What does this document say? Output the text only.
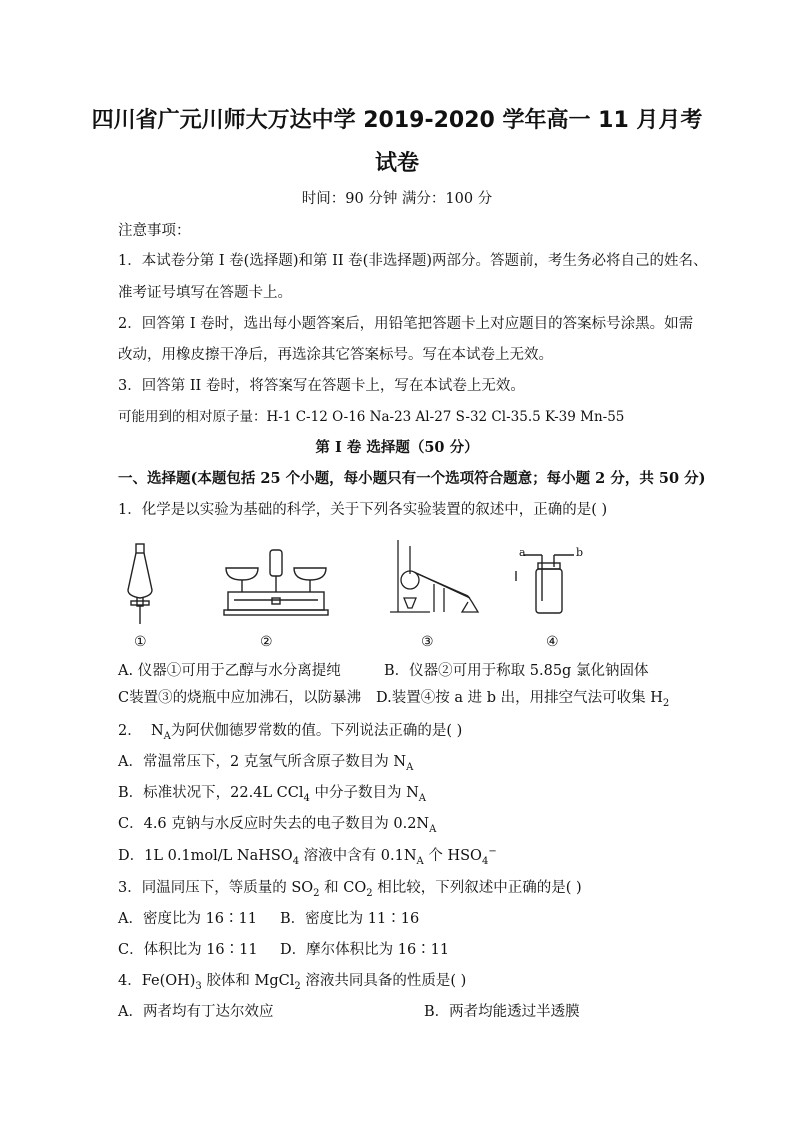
四川省广元川师大万达中学 2019-2020 学年高一 11 月月考
试卷
时间：90 分钟 满分：100 分
注意事项：
1．本试卷分第 I 卷(选择题)和第 II 卷(非选择题)两部分。答题前，考生务必将自己的姓名、
准考证号填写在答题卡上。
2．回答第 I 卷时，选出每小题答案后，用铅笔把答题卡上对应题目的答案标号涂黑。如需
改动，用橡皮擦干净后，再选涂其它答案标号。写在本试卷上无效。
3．回答第 II 卷时，将答案写在答题卡上，写在本试卷上无效。
可能用到的相对原子量：H-1 C-12 O-16 Na-23 Al-27 S-32 Cl-35.5 K-39 Mn-55
第 I 卷 选择题（50 分）
一、选择题(本题包括 25 个小题，每小题只有一个选项符合题意；每小题 2 分，共 50 分)
1．化学是以实验为基础的科学，关于下列各实验装置的叙述中，正确的是( )
a	b
①	②	③	④
A. 仪器①可用于乙醇与水分离提纯	B．仪器②可用于称取 5.85g 氯化钠固体
C装置③的烧瓶中应加沸石，以防暴沸 D.装置④按 a 进 b 出，用排空气法可收集 $H_2$
2． $N_A$为阿伏伽德罗常数的值。下列说法正确的是( )
A．常温常压下，2 克氢气所含原子数目为 $N_A$
B．标准状况下，22.4L CCl$_4$ 中分子数目为 $N_A$
C．4.6 克钠与水反应时失去的电子数目为 $0.2N_A$
D．1L 0.1mol/L NaHSO$_4$ 溶液中含有 $0.1N_A$ 个 $HSO_4^-$
3．同温同压下，等质量的 $SO_2$ 和 $CO_2$ 相比较，下列叙述中正确的是( )
A．密度比为 16∶11 B．密度比为 11∶16
C．体积比为 16∶11 D．摩尔体积比为 16∶11
4．$Fe(OH)_3$ 胶体和 MgCl$_2$ 溶液共同具备的性质是( )
A．两者均有丁达尔效应	B．两者均能透过半透膜
